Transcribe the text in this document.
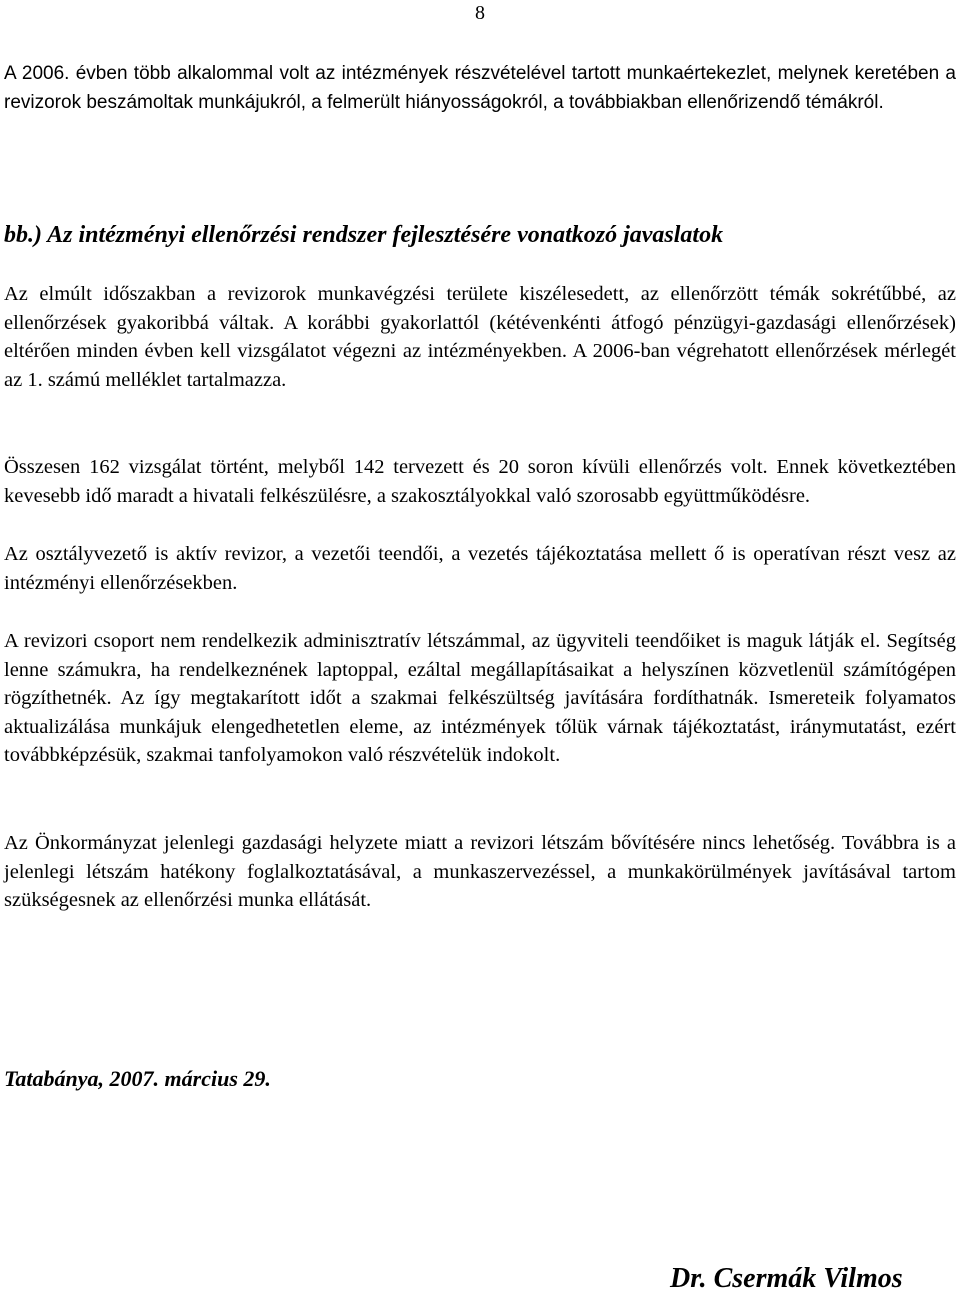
8

A 2006. évben több alkalommal volt az intézmények részvételével tartott munkaértekezlet, melynek keretében a revizorok beszámoltak munkájukról, a felmerült hiányosságokról, a továbbiakban ellenőrizendő témákról.

bb.) Az intézményi ellenőrzési rendszer fejlesztésére vonatkozó javaslatok

Az elmúlt időszakban a revizorok munkavégzési területe kiszélesedett, az ellenőrzött témák sokrétűbbé, az ellenőrzések gyakoribbá váltak. A korábbi gyakorlattól (kétévenkénti átfogó pénzügyi-gazdasági ellenőrzések) eltérően minden évben kell vizsgálatot végezni az intézményekben. A 2006-ban végrehatott ellenőrzések mérlegét az 1. számú melléklet tartalmazza.

Összesen 162 vizsgálat történt, melyből 142 tervezett és 20 soron kívüli ellenőrzés volt. Ennek következtében kevesebb idő maradt a hivatali felkészülésre, a szakosztályokkal való szorosabb együttműködésre.

Az osztályvezető is aktív revizor, a vezetői teendői, a vezetés tájékoztatása mellett ő is operatívan részt vesz az intézményi ellenőrzésekben.

A revizori csoport nem rendelkezik adminisztratív létszámmal, az ügyviteli teendőiket is maguk látják el. Segítség lenne számukra, ha rendelkeznének laptoppal, ezáltal megállapításaikat a helyszínen közvetlenül számítógépen rögzíthetnék. Az így megtakarított időt a szakmai felkészültség javítására fordíthatnák. Ismereteik folyamatos aktualizálása munkájuk elengedhetetlen eleme, az intézmények tőlük várnak tájékoztatást, iránymutatást, ezért továbbképzésük, szakmai tanfolyamokon való részvételük indokolt.

Az Önkormányzat jelenlegi gazdasági helyzete miatt a revizori létszám bővítésére nincs lehetőség. Továbbra is a jelenlegi létszám hatékony foglalkoztatásával, a munkaszervezéssel, a munkakörülmények javításával tartom szükségesnek az ellenőrzési munka ellátását.

Tatabánya, 2007. március 29.

Dr. Csermák Vilmos
